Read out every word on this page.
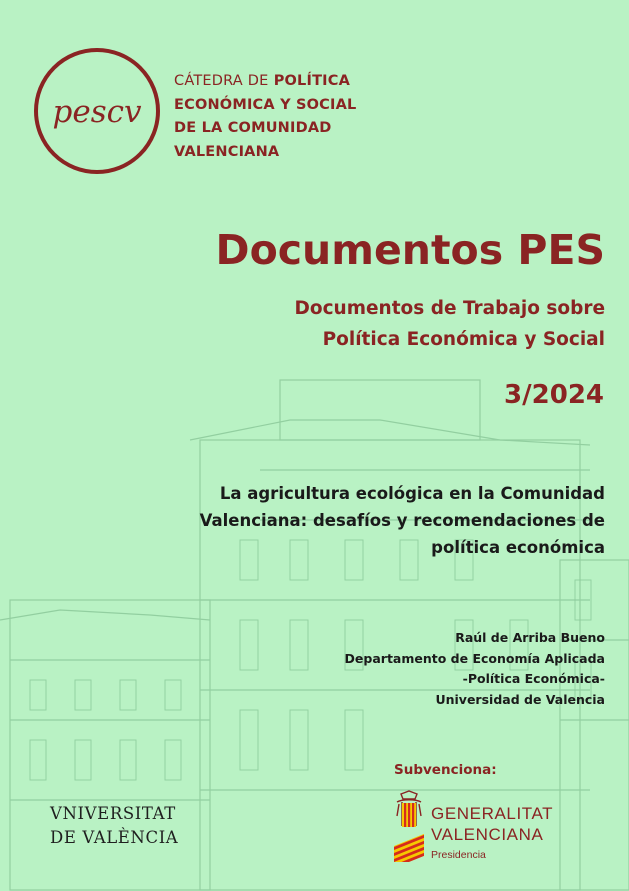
pescv
CÁTEDRA DE POLÍTICA
ECONÓMICA Y SOCIAL
DE LA COMUNIDAD
VALENCIANA
Documentos PES
Documentos de Trabajo sobre
Política Económica y Social
3/2024
La agricultura ecológica en la Comunidad
Valenciana: desafíos y recomendaciones de
política económica
Raúl de Arriba Bueno
Departamento de Economía Aplicada
-Política Económica-
Universidad de Valencia
VNIVERSITAT
DE VALÈNCIA
Subvenciona:
GENERALITAT
VALENCIANA
Presidencia
